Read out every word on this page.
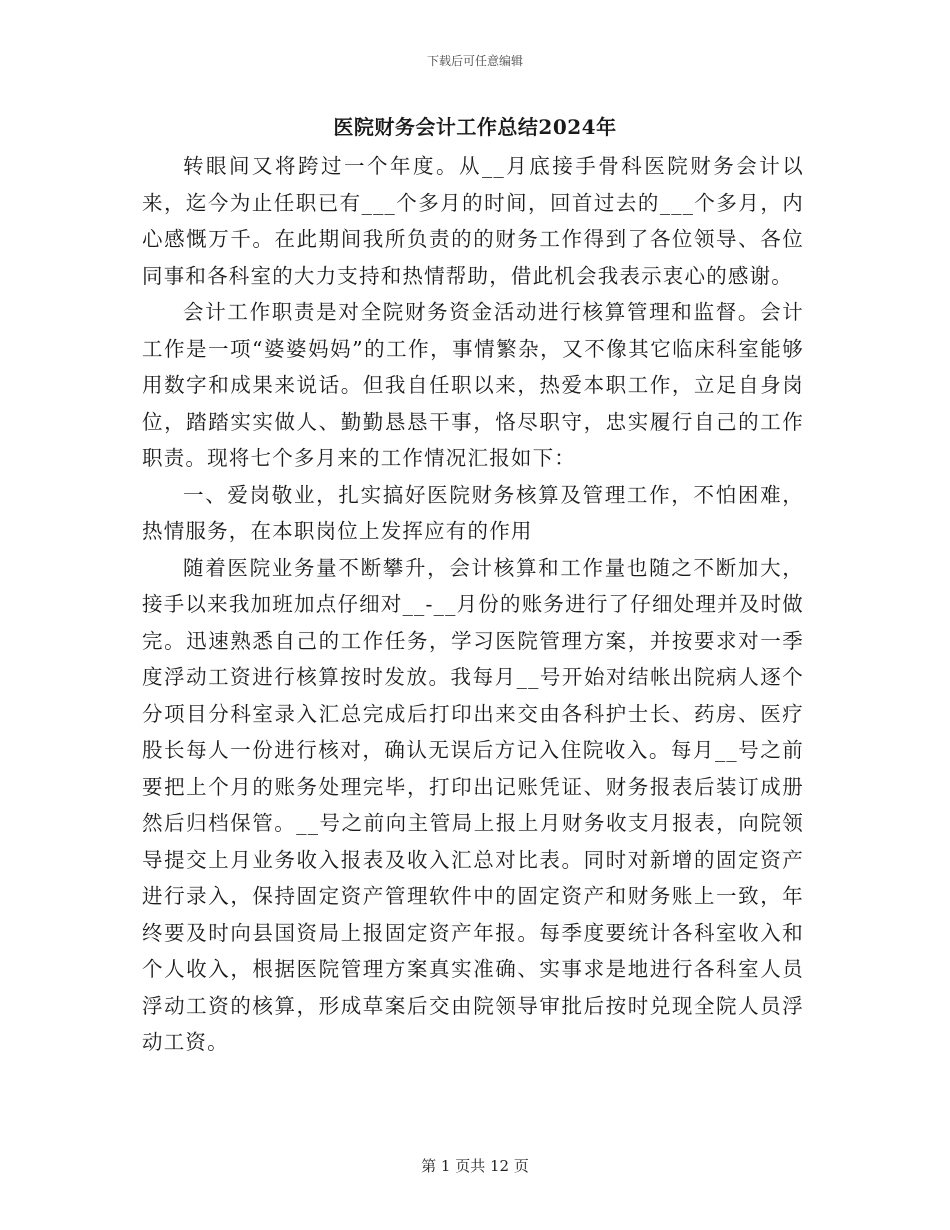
下载后可任意编辑
医院财务会计工作总结2024年

转眼间又将跨过一个年度。从__月底接手骨科医院财务会计以来，迄今为止任职已有___个多月的时间，回首过去的___个多月，内心感慨万千。在此期间我所负责的的财务工作得到了各位领导、各位同事和各科室的大力支持和热情帮助，借此机会我表示衷心的感谢。

会计工作职责是对全院财务资金活动进行核算管理和监督。会计工作是一项“婆婆妈妈”的工作，事情繁杂，又不像其它临床科室能够用数字和成果来说话。但我自任职以来，热爱本职工作，立足自身岗位，踏踏实实做人、勤勤恳恳干事，恪尽职守，忠实履行自己的工作职责。现将七个多月来的工作情况汇报如下：

一、爱岗敬业，扎实搞好医院财务核算及管理工作，不怕困难，热情服务，在本职岗位上发挥应有的作用

随着医院业务量不断攀升，会计核算和工作量也随之不断加大，接手以来我加班加点仔细对__-__月份的账务进行了仔细处理并及时做完。迅速熟悉自己的工作任务，学习医院管理方案，并按要求对一季度浮动工资进行核算按时发放。我每月__号开始对结帐出院病人逐个分项目分科室录入汇总完成后打印出来交由各科护士长、药房、医疗股长每人一份进行核对，确认无误后方记入住院收入。每月__号之前要把上个月的账务处理完毕，打印出记账凭证、财务报表后装订成册然后归档保管。__号之前向主管局上报上月财务收支月报表，向院领导提交上月业务收入报表及收入汇总对比表。同时对新增的固定资产进行录入，保持固定资产管理软件中的固定资产和财务账上一致，年终要及时向县国资局上报固定资产年报。每季度要统计各科室收入和个人收入，根据医院管理方案真实准确、实事求是地进行各科室人员浮动工资的核算，形成草案后交由院领导审批后按时兑现全院人员浮动工资。

第 1 页共 12 页
